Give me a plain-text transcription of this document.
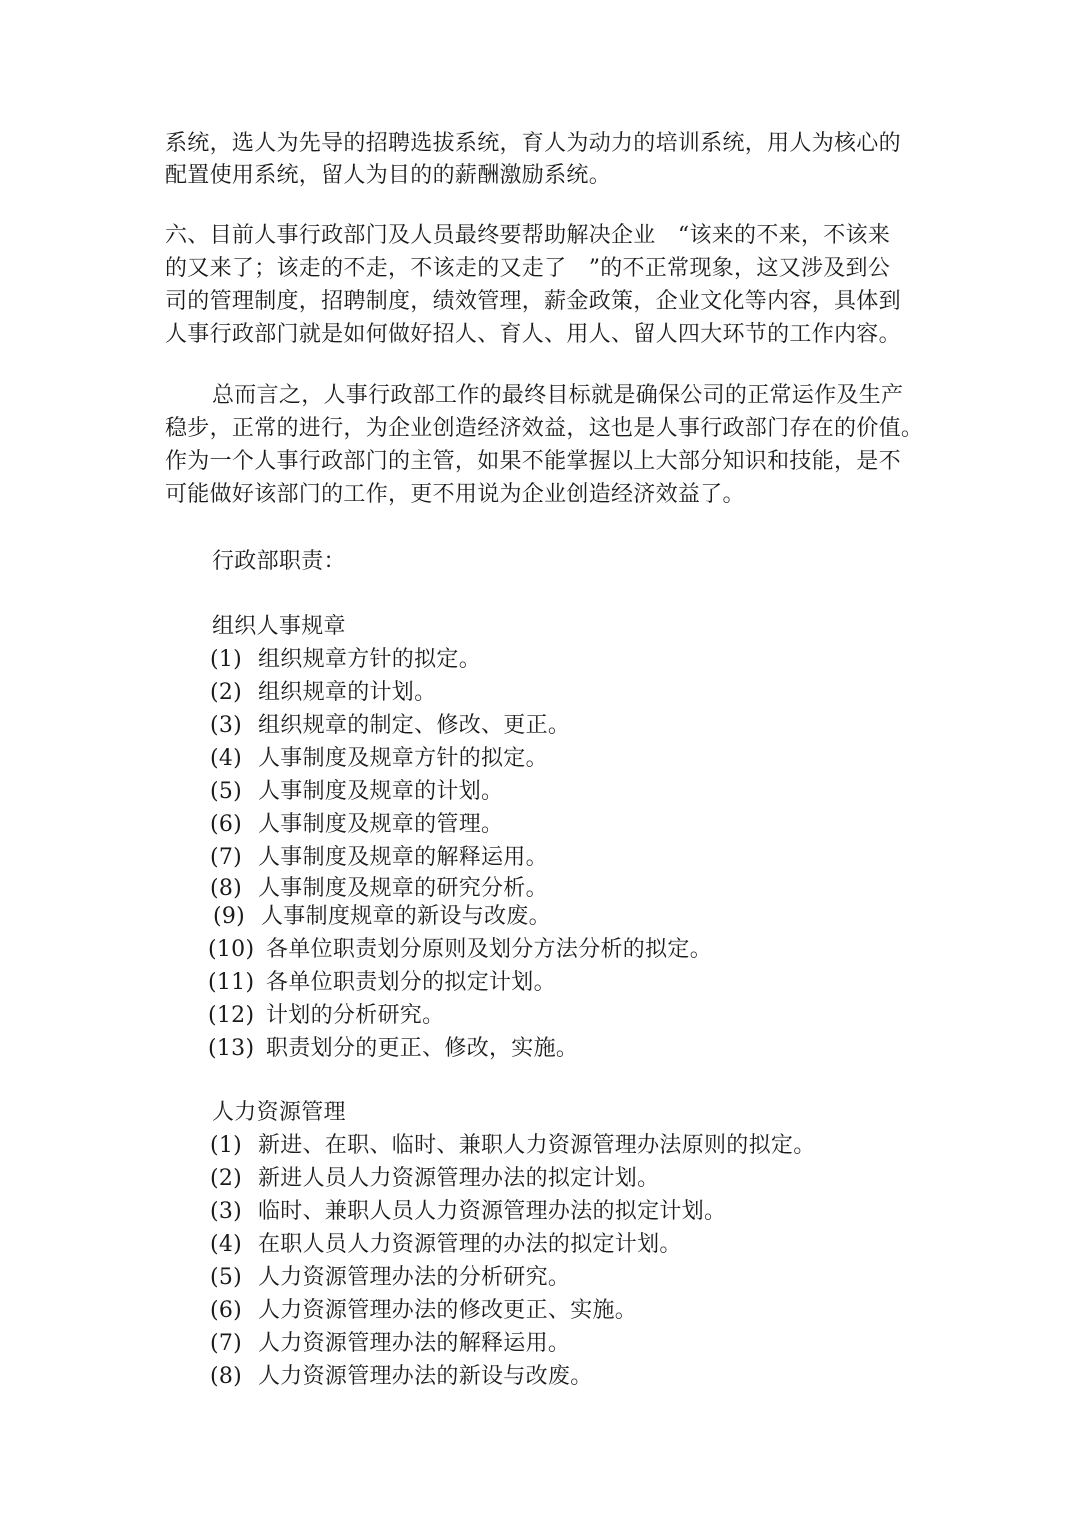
系统，选人为先导的招聘选拔系统，育人为动力的培训系统，用人为核心的
配置使用系统，留人为目的的薪酬激励系统。
六、目前人事行政部门及人员最终要帮助解决企业　“该来的不来，不该来
的又来了；该走的不走，不该走的又走了　”的不正常现象，这又涉及到公
司的管理制度，招聘制度，绩效管理，薪金政策，企业文化等内容，具体到
人事行政部门就是如何做好招人、育人、用人、留人四大环节的工作内容。
总而言之，人事行政部工作的最终目标就是确保公司的正常运作及生产
稳步，正常的进行，为企业创造经济效益，这也是人事行政部门存在的价值。
作为一个人事行政部门的主管，如果不能掌握以上大部分知识和技能，是不
可能做好该部门的工作，更不用说为企业创造经济效益了。
行政部职责：
组织人事规章
(1) 组织规章方针的拟定。
(2) 组织规章的计划。
(3) 组织规章的制定、修改、更正。
(4) 人事制度及规章方针的拟定。
(5) 人事制度及规章的计划。
(6) 人事制度及规章的管理。
(7) 人事制度及规章的解释运用。
(8) 人事制度及规章的研究分析。
(9) 人事制度规章的新设与改废。
(10) 各单位职责划分原则及划分方法分析的拟定。
(11) 各单位职责划分的拟定计划。
(12) 计划的分析研究。
(13) 职责划分的更正、修改，实施。
人力资源管理
(1) 新进、在职、临时、兼职人力资源管理办法原则的拟定。
(2) 新进人员人力资源管理办法的拟定计划。
(3) 临时、兼职人员人力资源管理办法的拟定计划。
(4) 在职人员人力资源管理的办法的拟定计划。
(5) 人力资源管理办法的分析研究。
(6) 人力资源管理办法的修改更正、实施。
(7) 人力资源管理办法的解释运用。
(8) 人力资源管理办法的新设与改废。
